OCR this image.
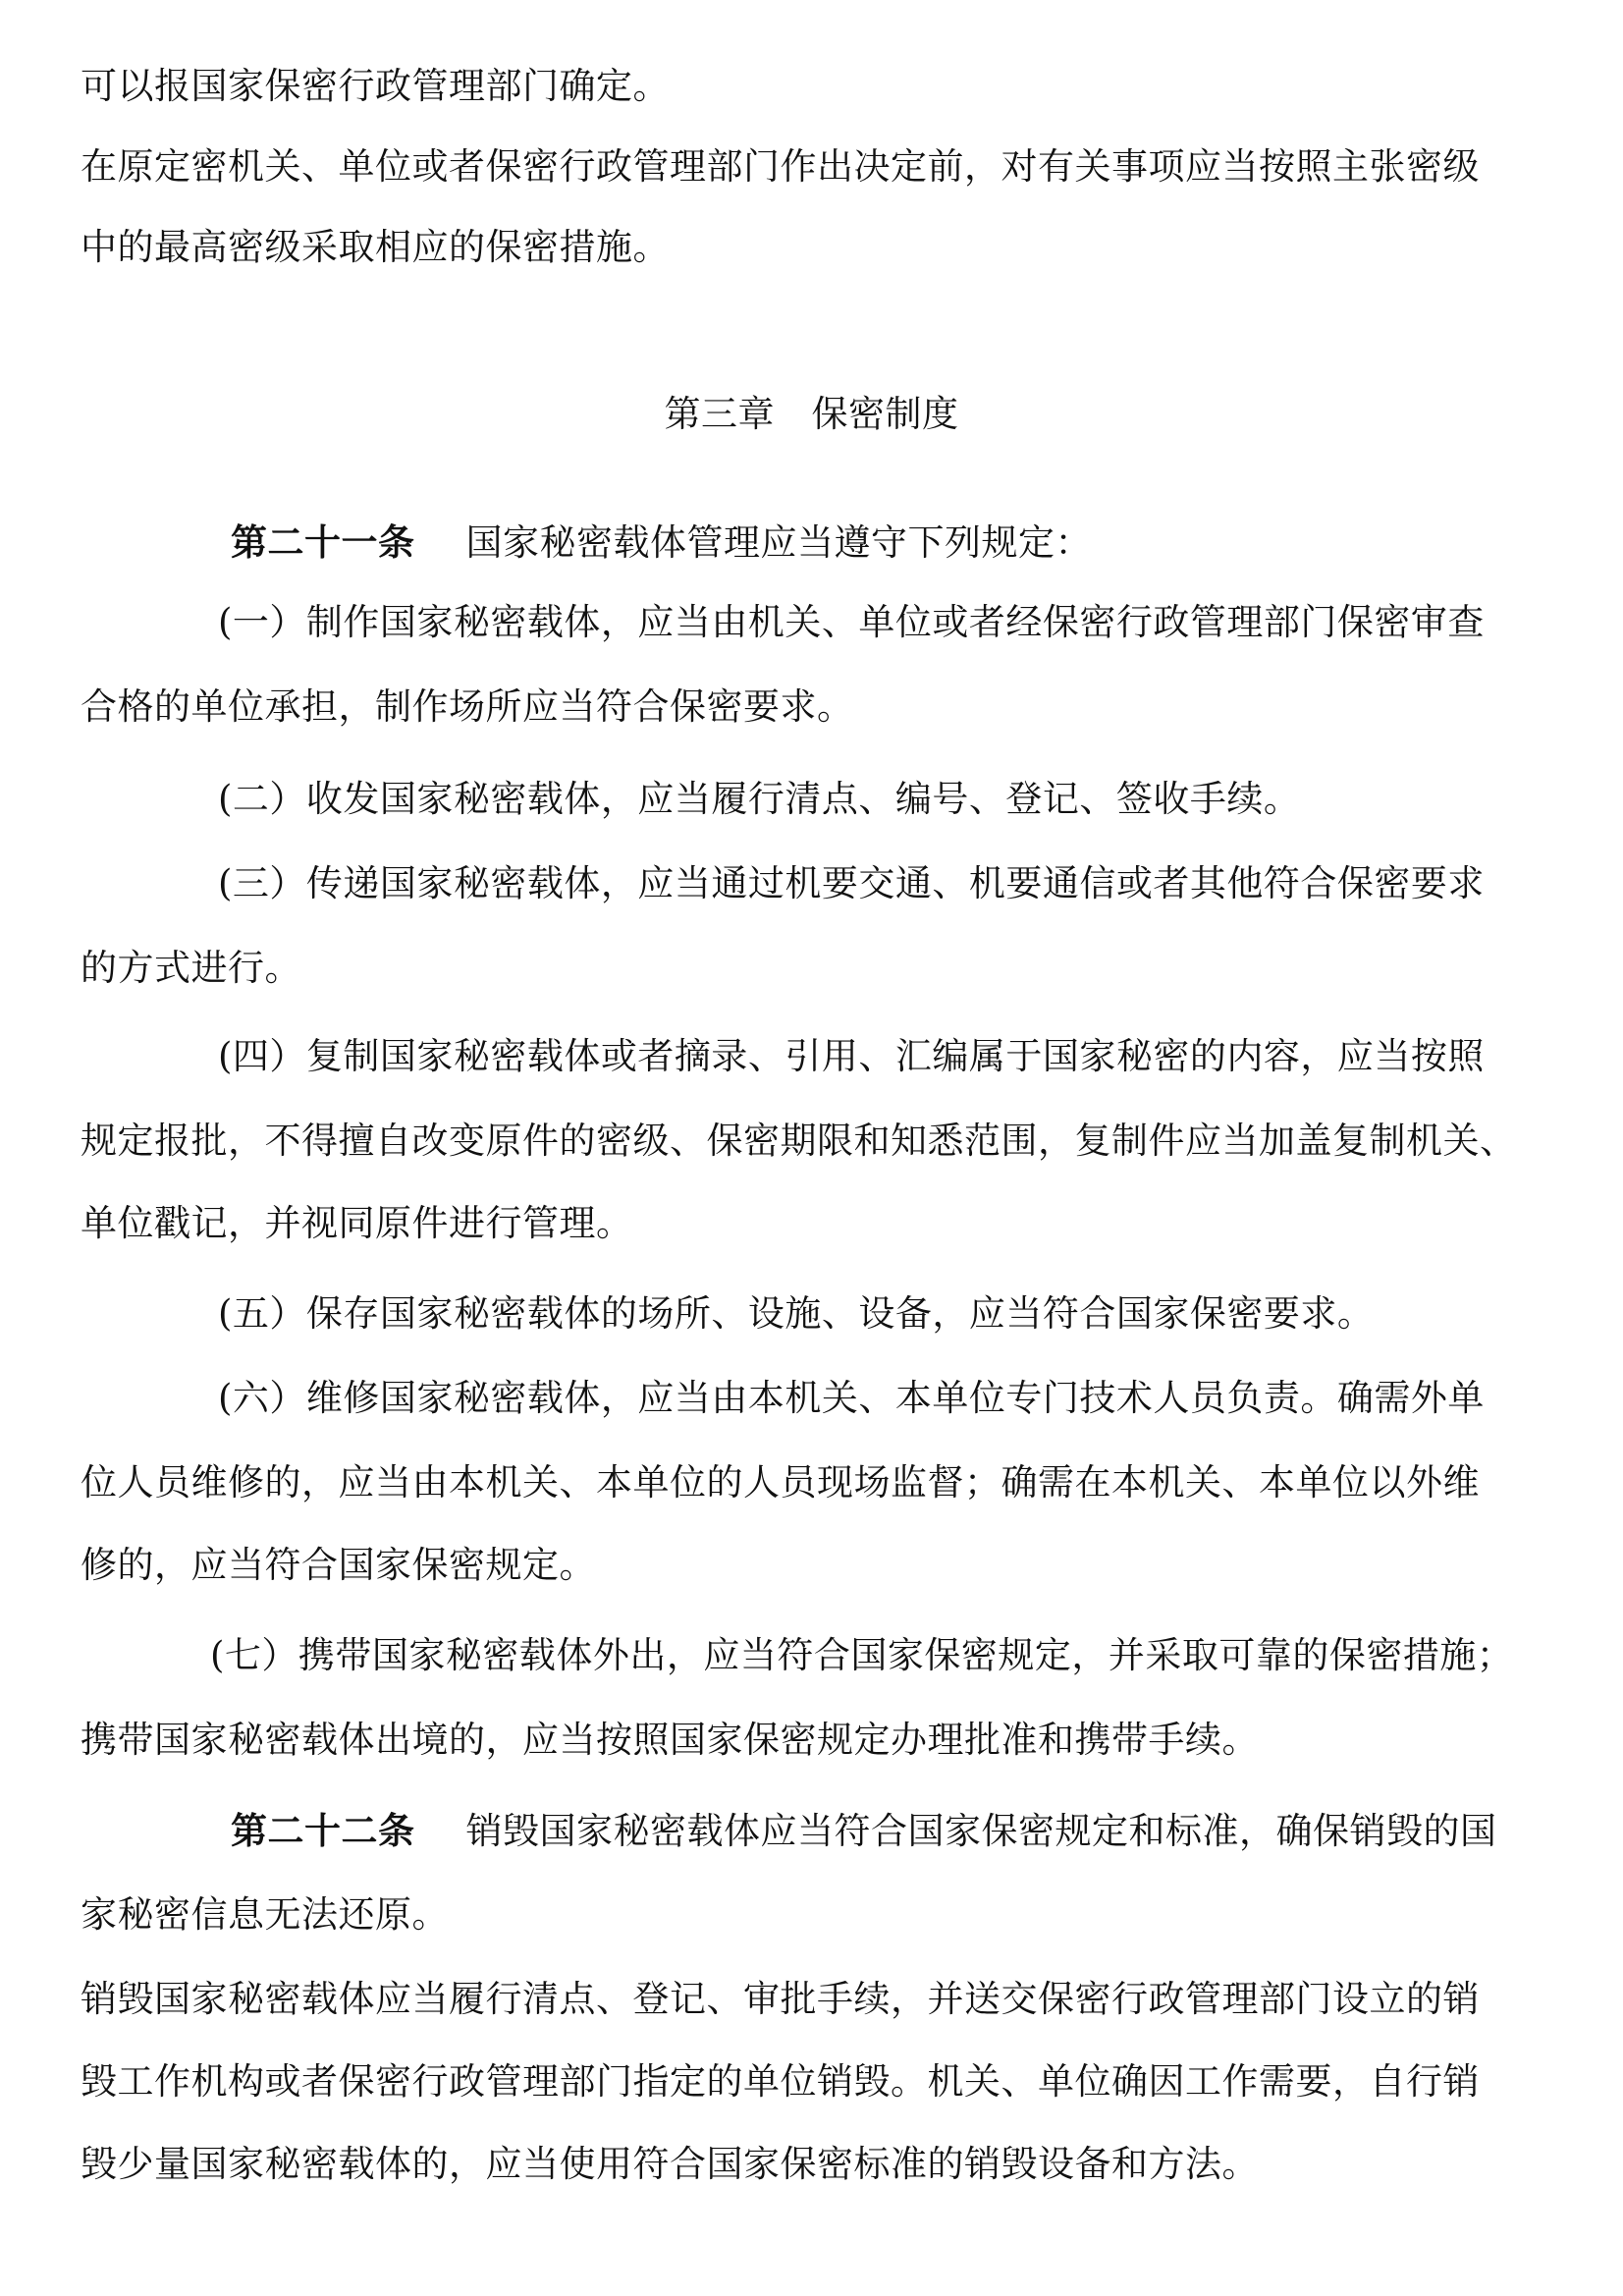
可以报国家保密行政管理部门确定。
在原定密机关、单位或者保密行政管理部门作出决定前，对有关事项应当按照主张密级
中的最高密级采取相应的保密措施。
第三章　保密制度
第二十一条 国家秘密载体管理应当遵守下列规定：
(一）制作国家秘密载体，应当由机关、单位或者经保密行政管理部门保密审查
合格的单位承担，制作场所应当符合保密要求。
(二）收发国家秘密载体，应当履行清点、编号、登记、签收手续。
(三）传递国家秘密载体，应当通过机要交通、机要通信或者其他符合保密要求
的方式进行。
(四）复制国家秘密载体或者摘录、引用、汇编属于国家秘密的内容，应当按照
规定报批，不得擅自改变原件的密级、保密期限和知悉范围，复制件应当加盖复制机关、
单位戳记，并视同原件进行管理。
(五）保存国家秘密载体的场所、设施、设备，应当符合国家保密要求。
(六）维修国家秘密载体，应当由本机关、本单位专门技术人员负责。确需外单
位人员维修的，应当由本机关、本单位的人员现场监督；确需在本机关、本单位以外维
修的，应当符合国家保密规定。
(七）携带国家秘密载体外出，应当符合国家保密规定，并采取可靠的保密措施；
携带国家秘密载体出境的，应当按照国家保密规定办理批准和携带手续。
第二十二条 销毁国家秘密载体应当符合国家保密规定和标准，确保销毁的国
家秘密信息无法还原。
销毁国家秘密载体应当履行清点、登记、审批手续，并送交保密行政管理部门设立的销
毁工作机构或者保密行政管理部门指定的单位销毁。机关、单位确因工作需要，自行销
毁少量国家秘密载体的，应当使用符合国家保密标准的销毁设备和方法。
